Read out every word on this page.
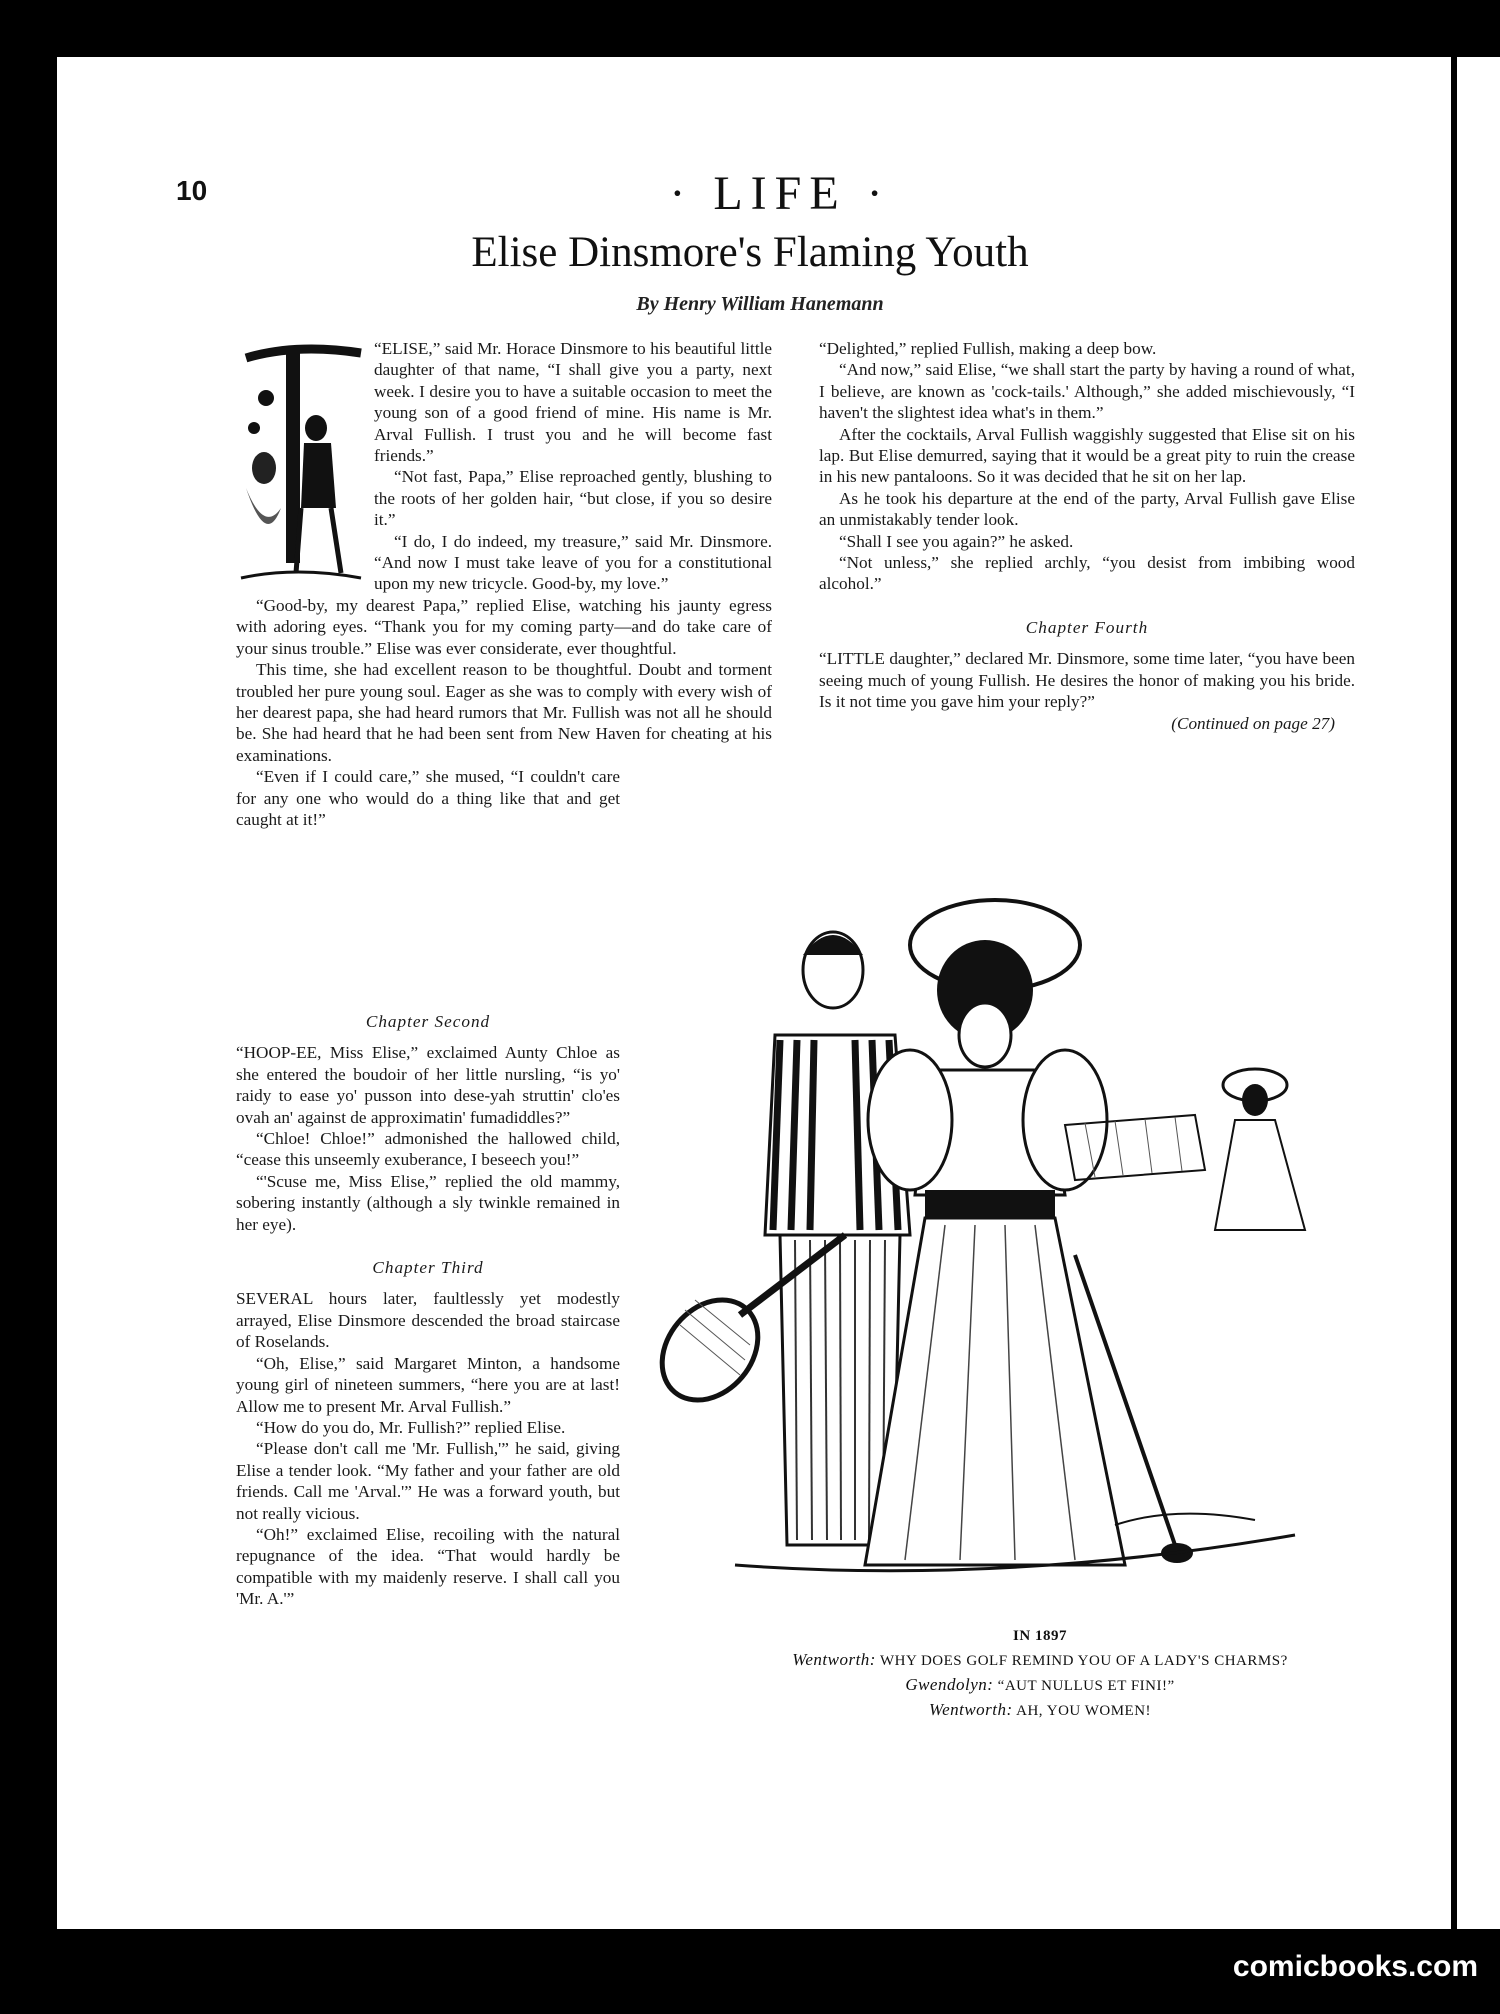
10	· LIFE ·
Elise Dinsmore's Flaming Youth
By Henry William Hanemann

“ELISE,” said Mr. Horace Dinsmore to his beautiful little daughter of that name, “I shall give you a party, next week. I desire you to have a suitable occasion to meet the young son of a good friend of mine. His name is Mr. Arval Fullish. I trust you and he will become fast friends.”

“Not fast, Papa,” Elise reproached gently, blushing to the roots of her golden hair, “but close, if you so desire it.”

“I do, I do indeed, my treasure,” said Mr. Dinsmore. “And now I must take leave of you for a constitutional upon my new tricycle. Good-by, my love.”

“Good-by, my dearest Papa,” replied Elise, watching his jaunty egress with adoring eyes. “Thank you for my coming party—and do take care of your sinus trouble.” Elise was ever considerate, ever thoughtful.

This time, she had excellent reason to be thoughtful. Doubt and torment troubled her pure young soul. Eager as she was to comply with every wish of her dearest papa, she had heard rumors that Mr. Fullish was not all he should be. She had heard that he had been sent from New Haven for cheating at his examinations.

“Even if I could care,” she mused, “I couldn't care for any one who would do a thing like that and get caught at it!”

Chapter Second

“HOOP-EE, Miss Elise,” exclaimed Aunty Chloe as she entered the boudoir of her little nursling, “is yo' raidy to ease yo' pusson into dese-yah struttin' clo'es ovah an' against de approximatin' fumadiddles?”

“Chloe! Chloe!” admonished the hallowed child, “cease this unseemly exuberance, I beseech you!”

“'Scuse me, Miss Elise,” replied the old mammy, sobering instantly (although a sly twinkle remained in her eye).

Chapter Third

SEVERAL hours later, faultlessly yet modestly arrayed, Elise Dinsmore descended the broad staircase of Roselands.

“Oh, Elise,” said Margaret Minton, a handsome young girl of nineteen summers, “here you are at last! Allow me to present Mr. Arval Fullish.”

“How do you do, Mr. Fullish?” replied Elise.

“Please don't call me 'Mr. Fullish,'” he said, giving Elise a tender look. “My father and your father are old friends. Call me 'Arval.'” He was a forward youth, but not really vicious.

“Oh!” exclaimed Elise, recoiling with the natural repugnance of the idea. “That would hardly be compatible with my maidenly reserve. I shall call you 'Mr. A.'”

“Delighted,” replied Fullish, making a deep bow.

“And now,” said Elise, “we shall start the party by having a round of what, I believe, are known as 'cock-tails.' Although,” she added mischievously, “I haven't the slightest idea what's in them.”

After the cocktails, Arval Fullish waggishly suggested that Elise sit on his lap. But Elise demurred, saying that it would be a great pity to ruin the crease in his new pantaloons. So it was decided that he sit on her lap.

As he took his departure at the end of the party, Arval Fullish gave Elise an unmistakably tender look.

“Shall I see you again?” he asked.

“Not unless,” she replied archly, “you desist from imbibing wood alcohol.”

Chapter Fourth

“LITTLE daughter,” declared Mr. Dinsmore, some time later, “you have been seeing much of young Fullish. He desires the honor of making you his bride. Is it not time you gave him your reply?”

(Continued on page 27)
IN 1897
Wentworth: WHY DOES GOLF REMIND YOU OF A LADY'S CHARMS?
Gwendolyn: “AUT NULLUS ET FINI!”
Wentworth: AH, YOU WOMEN!
comicbooks.com
